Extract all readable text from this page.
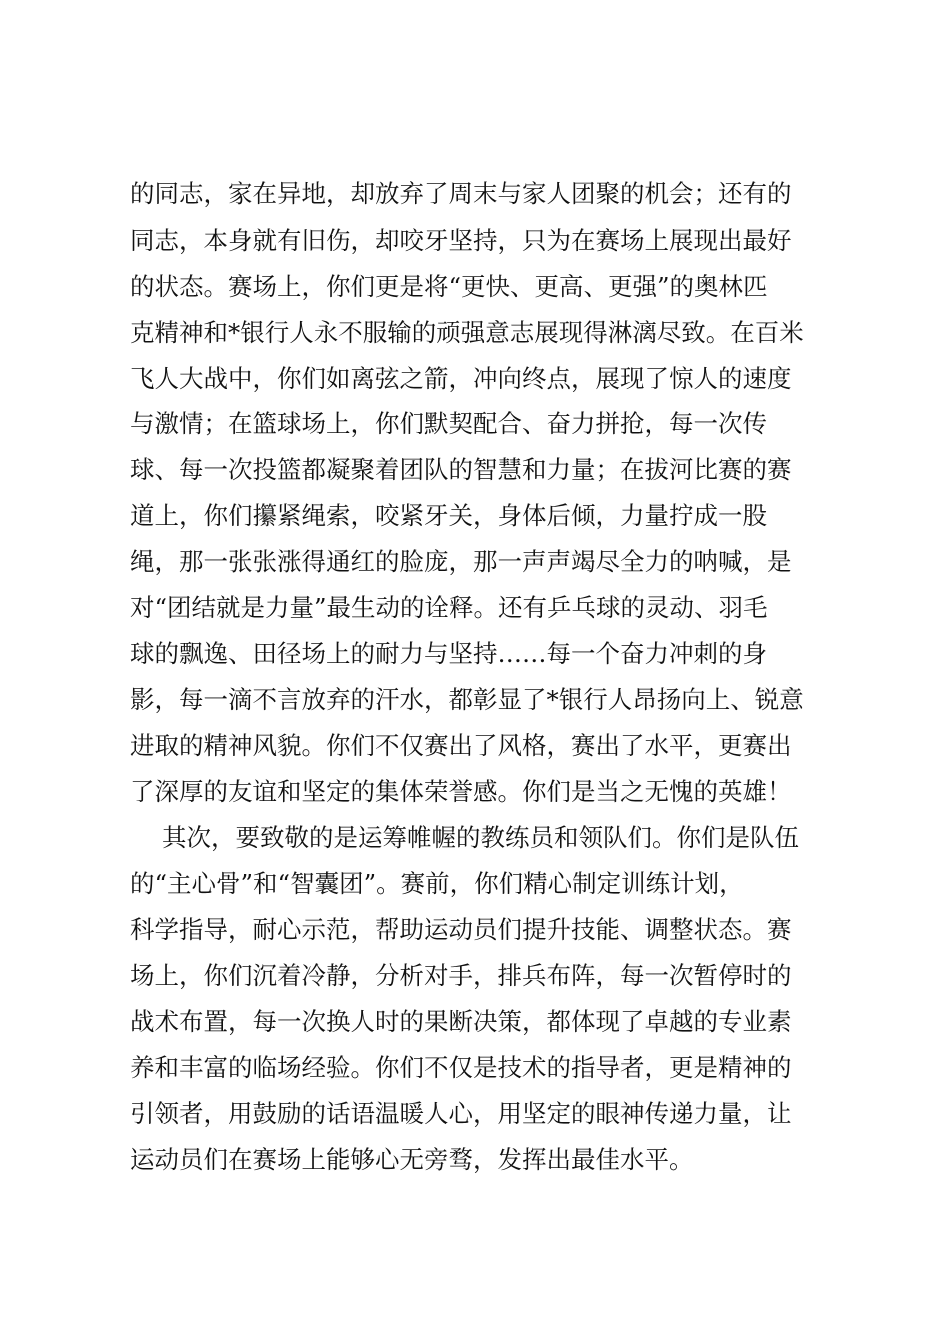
的同志，家在异地，却放弃了周末与家人团聚的机会；还有的
同志，本身就有旧伤，却咬牙坚持，只为在赛场上展现出最好
的状态。赛场上，你们更是将“更快、更高、更强”的奥林匹
克精神和*银行人永不服输的顽强意志展现得淋漓尽致。在百米
飞人大战中，你们如离弦之箭，冲向终点，展现了惊人的速度
与激情；在篮球场上，你们默契配合、奋力拼抢，每一次传
球、每一次投篮都凝聚着团队的智慧和力量；在拔河比赛的赛
道上，你们攥紧绳索，咬紧牙关，身体后倾，力量拧成一股
绳，那一张张涨得通红的脸庞，那一声声竭尽全力的呐喊，是
对“团结就是力量”最生动的诠释。还有乒乓球的灵动、羽毛
球的飘逸、田径场上的耐力与坚持……每一个奋力冲刺的身
影，每一滴不言放弃的汗水，都彰显了*银行人昂扬向上、锐意
进取的精神风貌。你们不仅赛出了风格，赛出了水平，更赛出
了深厚的友谊和坚定的集体荣誉感。你们是当之无愧的英雄！
其次，要致敬的是运筹帷幄的教练员和领队们。你们是队伍
的“主心骨”和“智囊团”。赛前，你们精心制定训练计划，
科学指导，耐心示范，帮助运动员们提升技能、调整状态。赛
场上，你们沉着冷静，分析对手，排兵布阵，每一次暂停时的
战术布置，每一次换人时的果断决策，都体现了卓越的专业素
养和丰富的临场经验。你们不仅是技术的指导者，更是精神的
引领者，用鼓励的话语温暖人心，用坚定的眼神传递力量，让
运动员们在赛场上能够心无旁骛，发挥出最佳水平。
